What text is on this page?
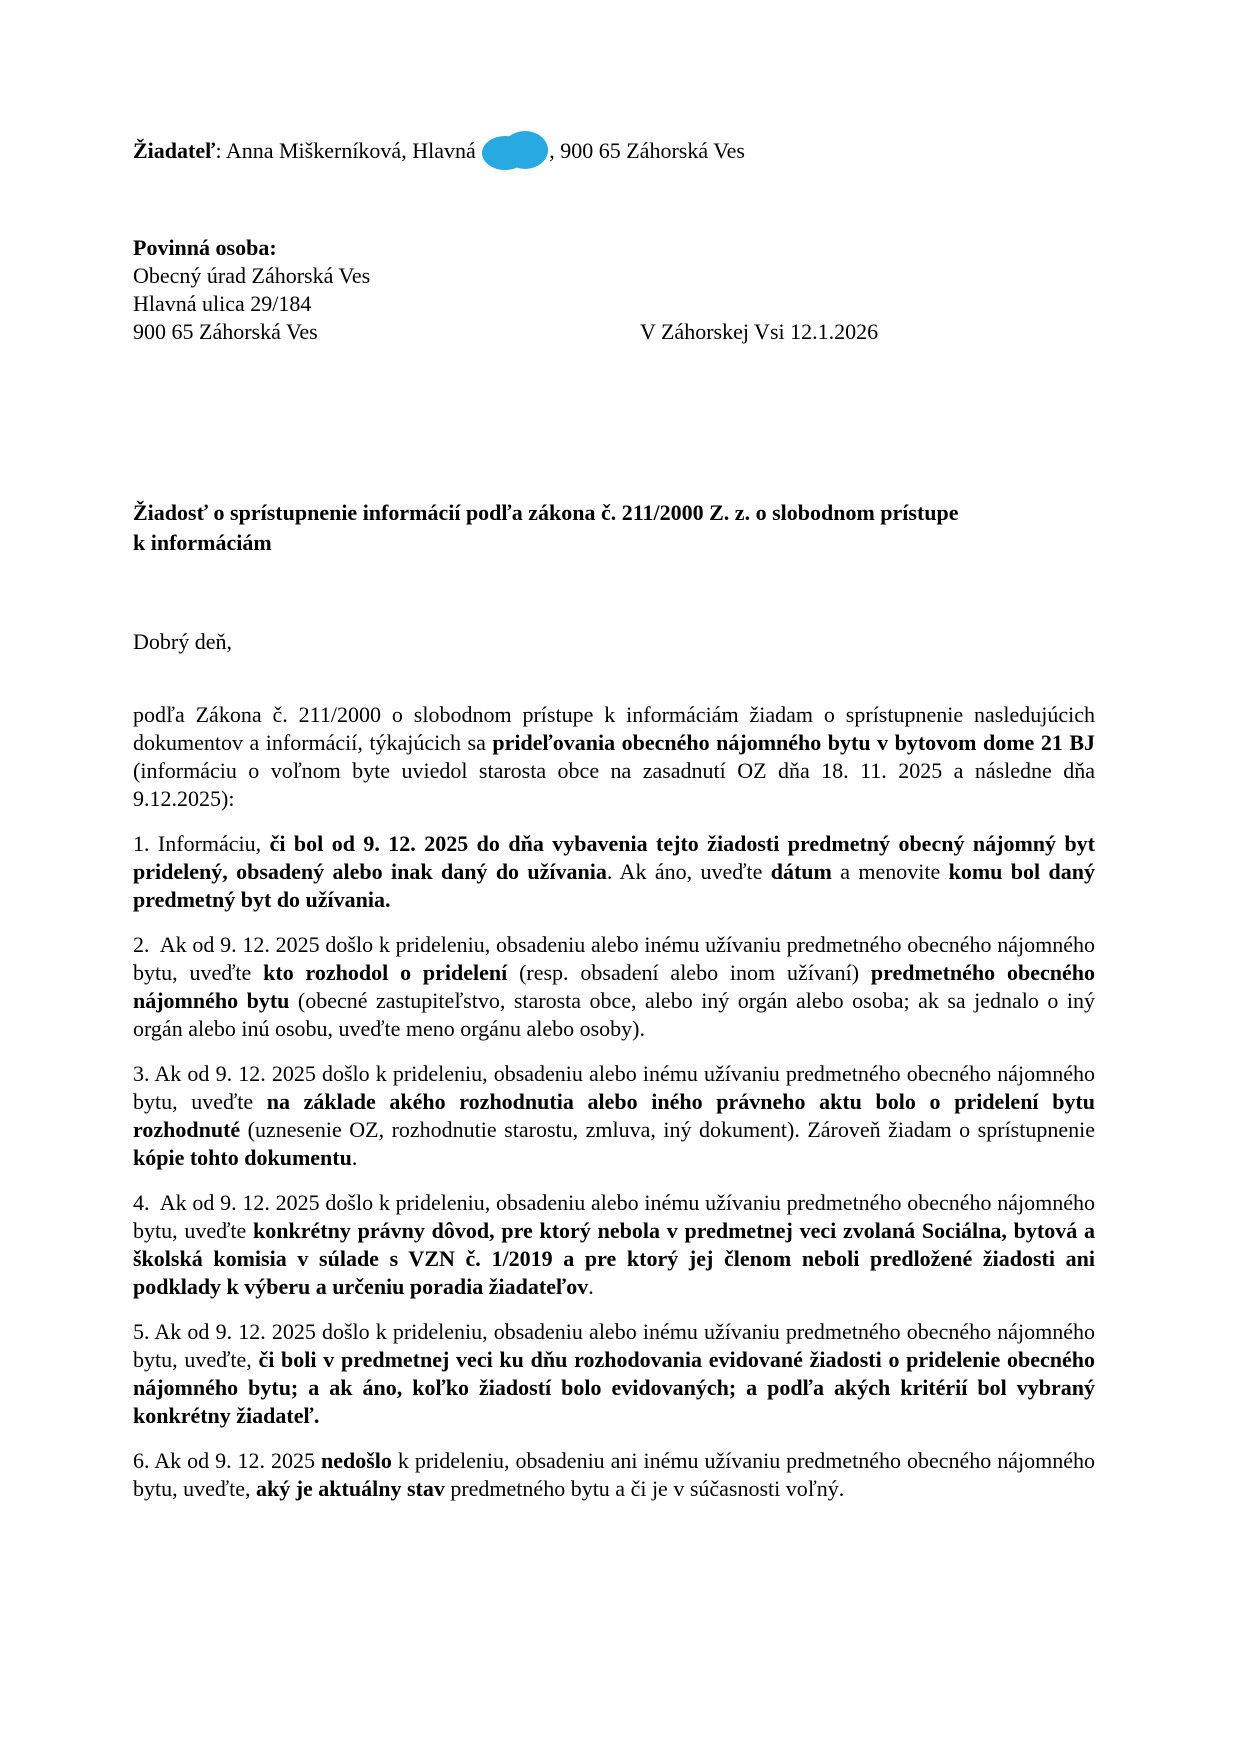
Žiadateľ: Anna Miškerníková, Hlavná	, 900 65 Záhorská Ves

Povinná osoba:

Obecný úrad Záhorská Ves
Hlavná ulica 29/184
900 65 Záhorská Ves	V Záhorskej Vsi 12.1.2026
Žiadosť o sprístupnenie informácií podľa zákona č. 211/2000 Z. z. o slobodnom prístupe
k informáciám

Dobrý deň,

podľa Zákona č. 211/2000 o slobodnom prístupe k informáciám žiadam o sprístupnenie nasledujúcich dokumentov a informácií, týkajúcich sa prideľovania obecného nájomného bytu v bytovom dome 21 BJ (informáciu o voľnom byte uviedol starosta obce na zasadnutí OZ dňa 18. 11. 2025 a následne dňa 9.12.2025):

1. Informáciu, či bol od 9. 12. 2025 do dňa vybavenia tejto žiadosti predmetný obecný nájomný byt pridelený, obsadený alebo inak daný do užívania. Ak áno, uveďte dátum a menovite komu bol daný predmetný byt do užívania.

2.  Ak od 9. 12. 2025 došlo k prideleniu, obsadeniu alebo inému užívaniu predmetného obecného nájomného bytu, uveďte kto rozhodol o pridelení (resp. obsadení alebo inom užívaní) predmetného obecného nájomného bytu (obecné zastupiteľstvo, starosta obce, alebo iný orgán alebo osoba; ak sa jednalo o iný orgán alebo inú osobu, uveďte meno orgánu alebo osoby).

3. Ak od 9. 12. 2025 došlo k prideleniu, obsadeniu alebo inému užívaniu predmetného obecného nájomného bytu, uveďte na základe akého rozhodnutia alebo iného právneho aktu bolo o pridelení bytu rozhodnuté (uznesenie OZ, rozhodnutie starostu, zmluva, iný dokument). Zároveň žiadam o sprístupnenie kópie tohto dokumentu.

4.  Ak od 9. 12. 2025 došlo k prideleniu, obsadeniu alebo inému užívaniu predmetného obecného nájomného bytu, uveďte konkrétny právny dôvod, pre ktorý nebola v predmetnej veci zvolaná Sociálna, bytová a školská komisia v súlade s VZN č. 1/2019 a pre ktorý jej členom neboli predložené žiadosti ani podklady k výberu a určeniu poradia žiadateľov.

5. Ak od 9. 12. 2025 došlo k prideleniu, obsadeniu alebo inému užívaniu predmetného obecného nájomného bytu, uveďte, či boli v predmetnej veci ku dňu rozhodovania evidované žiadosti o pridelenie obecného nájomného bytu; a ak áno, koľko žiadostí bolo evidovaných; a podľa akých kritérií bol vybraný konkrétny žiadateľ.

6. Ak od 9. 12. 2025 nedošlo k prideleniu, obsadeniu ani inému užívaniu predmetného obecného nájomného bytu, uveďte, aký je aktuálny stav predmetného bytu a či je v súčasnosti voľný.
